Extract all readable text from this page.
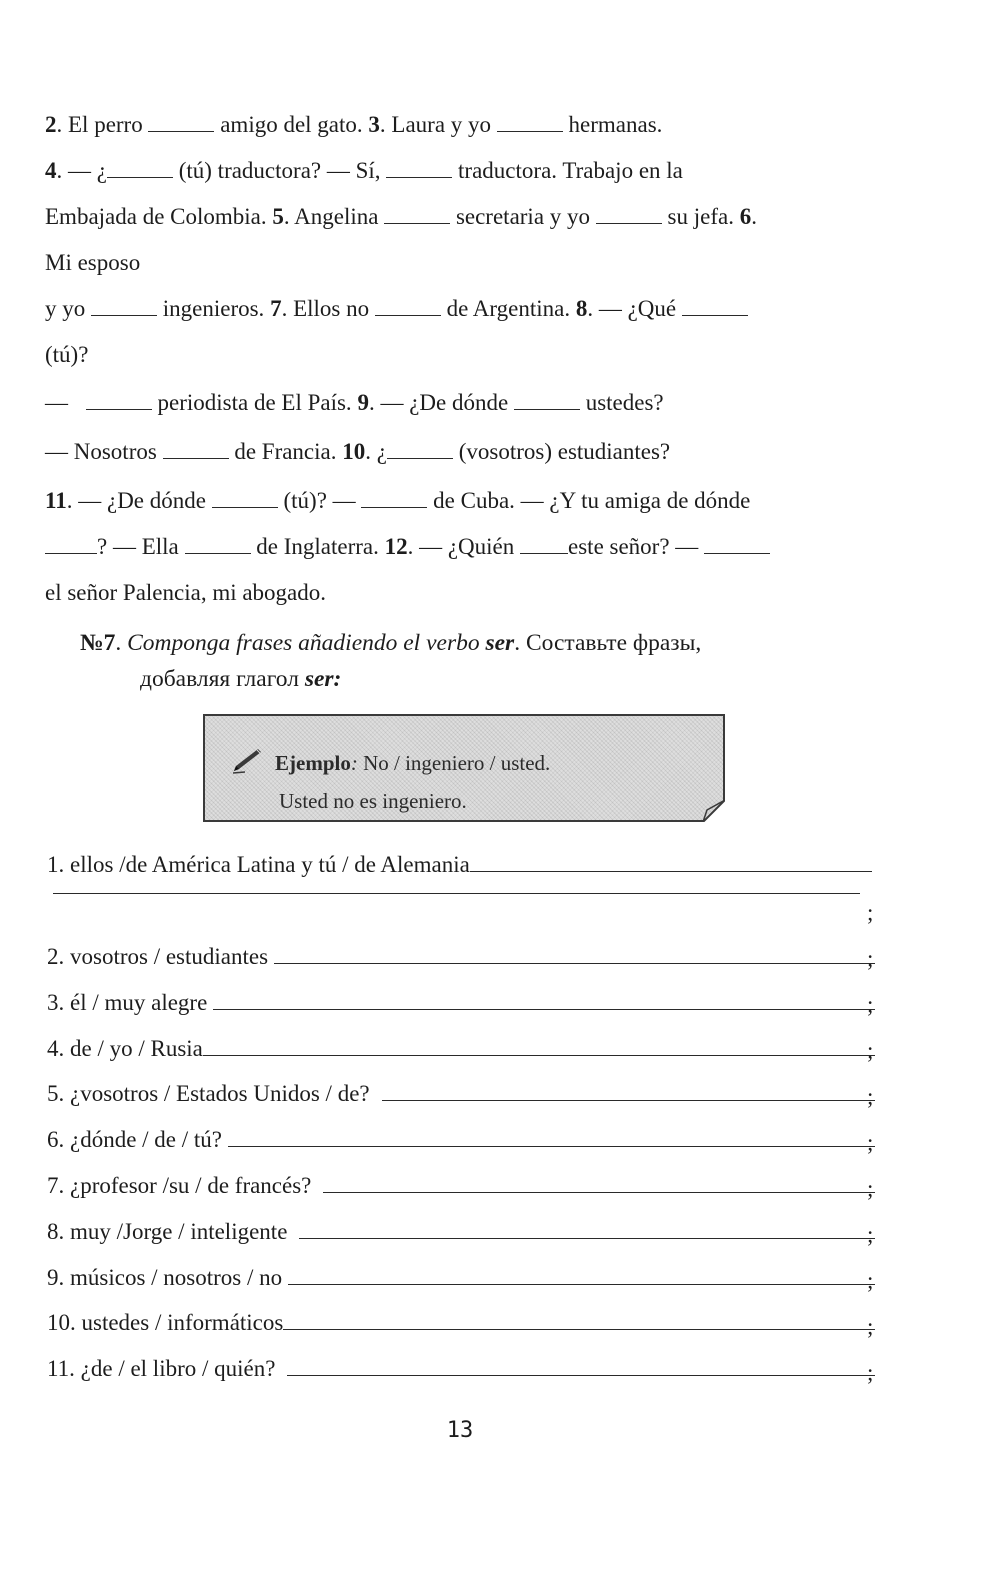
2. El perro	amigo del gato. 3. Laura y yo	hermanas.
4. — ¿	(tú) traductora? — Sí,	traductora. Trabajo en la
Embajada de Colombia. 5. Angelina	secretaria y yo	su jefa. 6.
Mi esposo
y yo	ingenieros. 7. Ellos no	de Argentina. 8. — ¿Qué
(tú)?
—	periodista de El País. 9. — ¿De dónde	ustedes?
— Nosotros	de Francia. 10. ¿	(vosotros) estudiantes?
11. — ¿De dónde	(tú)? —	de Cuba. — ¿Y tu amiga de dónde
? — Ella	de Inglaterra. 12. — ¿Quién este señor? —
el señor Palencia, mi abogado.
№7. Componga frases añadiendo el verbo ser. Составьте фразы,
добавляя глагол ser:
Ejemplo: No / ingeniero / usted.
Usted no es ingeniero.
1. ellos /de América Latina y tú / de Alemania
;
2. vosotros / estudiantes	;
3. él / muy alegre	;
4. de / yo / Rusia	;
5. ¿vosotros / Estados Unidos / de?	;
6. ¿dónde / de / tú?	;
7. ¿profesor /su / de francés?	;
8. muy /Jorge / inteligente	;
9. músicos / nosotros / no	;
10. ustedes / informáticos	;
11. ¿de / el libro / quién?	;
13
